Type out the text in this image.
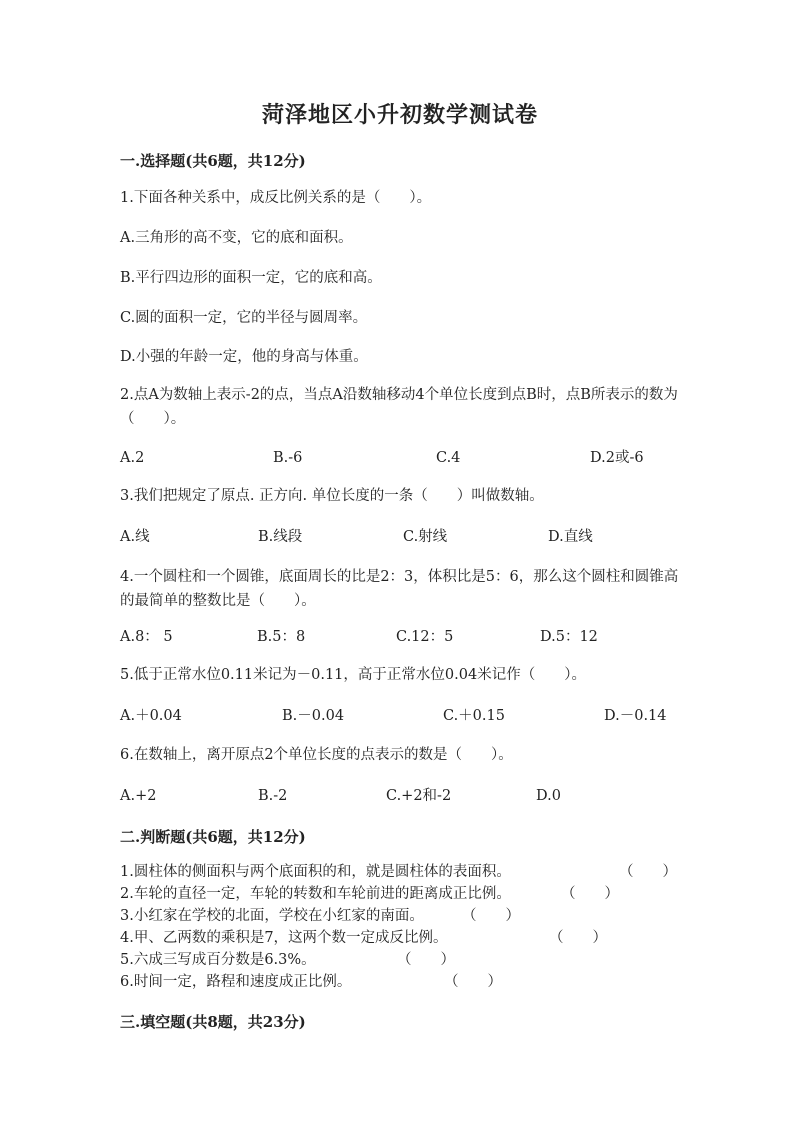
菏泽地区小升初数学测试卷
一.选择题(共6题，共12分)
1.下面各种关系中，成反比例关系的是（　　）。
A.三角形的高不变，它的底和面积。
B.平行四边形的面积一定，它的底和高。
C.圆的面积一定，它的半径与圆周率。
D.小强的年龄一定，他的身高与体重。
2.点A为数轴上表示-2的点，当点A沿数轴移动4个单位长度到点B时，点B所表示的数为（　　）。
A.2	B.-6	C.4	D.2或-6
3.我们把规定了原点. 正方向. 单位长度的一条（　　）叫做数轴。
A.线	B.线段	C.射线	D.直线
4.一个圆柱和一个圆锥，底面周长的比是2：3，体积比是5：6，那么这个圆柱和圆锥高的最简单的整数比是（　　）。
A.8： 5	B.5：8	C.12：5	D.5：12
5.低于正常水位0.11米记为－0.11，高于正常水位0.04米记作（　　）。
A.＋0.04	B.－0.04	C.＋0.15	D.－0.14
6.在数轴上，离开原点2个单位长度的点表示的数是（　　）。
A.+2	B.-2	C.+2和-2	D.0
二.判断题(共6题，共12分)
1.圆柱体的侧面积与两个底面积的和，就是圆柱体的表面积。	（　　）
2.车轮的直径一定，车轮的转数和车轮前进的距离成正比例。	（　　）
3.小红家在学校的北面，学校在小红家的南面。	（　　）
4.甲、乙两数的乘积是7，这两个数一定成反比例。	（　　）
5.六成三写成百分数是6.3%。	（　　）
6.时间一定，路程和速度成正比例。	（　　）
三.填空题(共8题，共23分)
